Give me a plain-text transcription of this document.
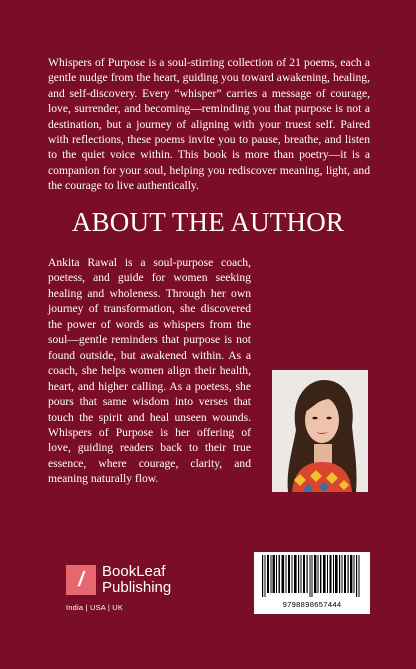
Whispers of Purpose is a soul-stirring collection of 21 poems, each a gentle nudge from the heart, guiding you toward awakening, healing, and self-discovery. Every “whisper” carries a message of courage, love, surrender, and becoming—reminding you that purpose is not a destination, but a journey of aligning with your truest self. Paired with reflections, these poems invite you to pause, breathe, and listen to the quiet voice within. This book is more than poetry—it is a companion for your soul, helping you rediscover meaning, light, and the courage to live authentically.

ABOUT THE AUTHOR

Ankita Rawal is a soul-purpose coach, poetess, and guide for women seeking healing and wholeness. Through her own journey of transformation, she discovered the power of words as whispers from the soul—gentle reminders that purpose is not found outside, but awakened within. As a coach, she helps women align their health, heart, and higher calling. As a poetess, she pours that same wisdom into verses that touch the spirit and heal unseen wounds. Whispers of Purpose is her offering of love, guiding readers back to their true essence, where courage, clarity, and meaning naturally flow.

/ BookLeaf
Publishing

India | USA | UK	9798898657444
